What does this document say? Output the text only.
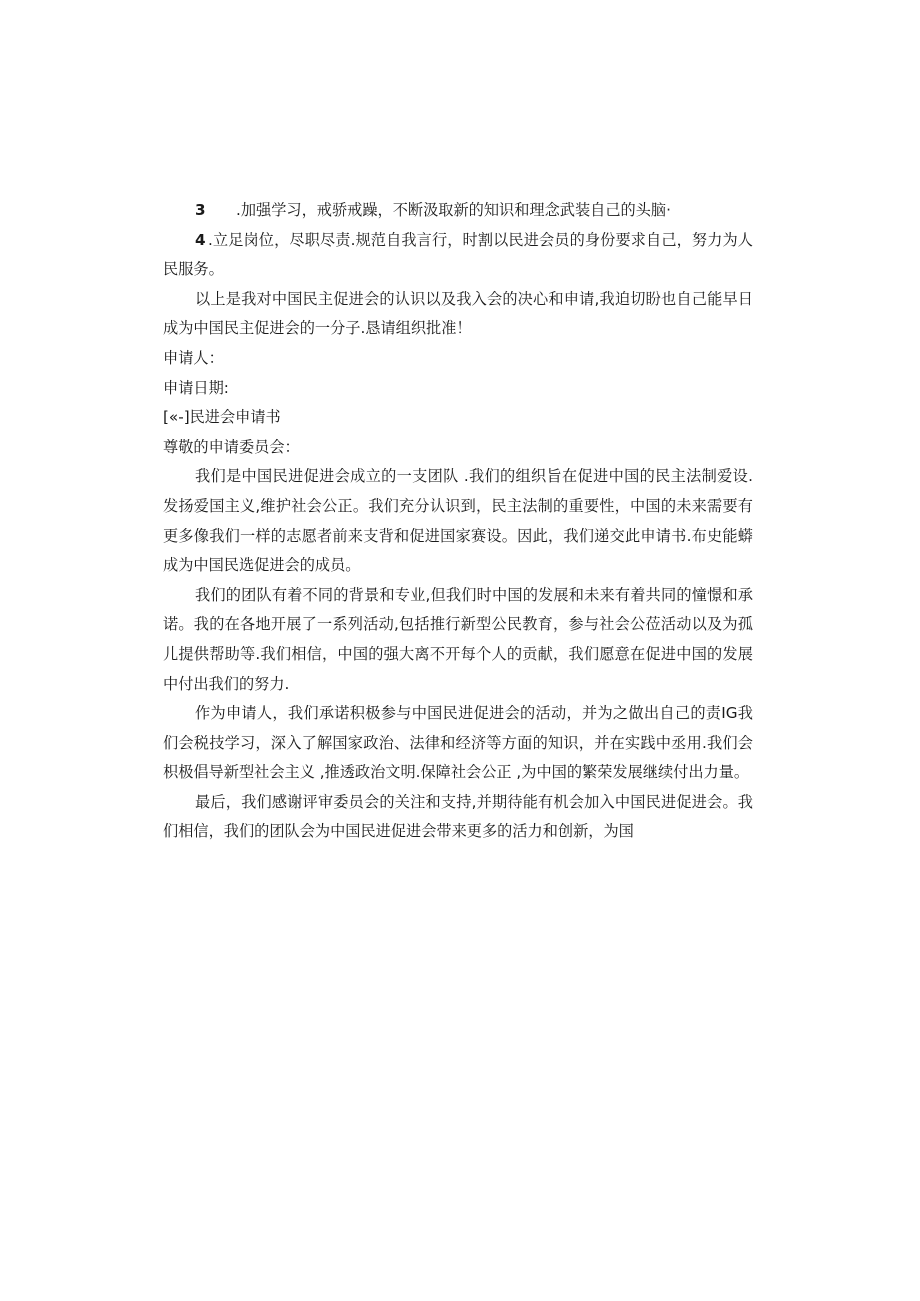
3 .加强学习，戒骄戒躁，不断汲取新的知识和理念武装自己的头脑·

4 .立足岗位，尽职尽责.规范自我言行，时割以民进会员的身份要求自己，努力为人民服务。

以上是我对中国民主促进会的认识以及我入会的决心和申请,我迫切盼也自己能早日成为中国民主促进会的一分子.恳请组织批准！

申请人：

申请日期:

[«-]民进会申请书

尊敬的申请委员会：

我们是中国民进促进会成立的一支团队 .我们的组织旨在促进中国的民主法制爱设.发扬爱国主义,维护社会公正。我们充分认识到，民主法制的重要性，中国的未来需要有更多像我们一样的志愿者前来支背和促进国家赛设。因此，我们递交此申请书.布史能蟒成为中国民选促进会的成员。

我们的团队有着不同的背景和专业,但我们时中国的发展和未来有着共同的憧憬和承诺。我的在各地开展了一系列活动,包括推行新型公民教育，参与社会公莅活动以及为孤儿提供帮助等.我们相信，中国的强大离不开每个人的贡献，我们愿意在促进中国的发展中付出我们的努力.

作为申请人，我们承诺积极参与中国民进促进会的活动，并为之做出自己的责IG我们会税技学习，深入了解国家政治、法律和经济等方面的知识，并在实践中丞用.我们会枳极倡导新型社会主义 ,推透政治文明.保障社会公正 ,为中国的繁荣发展继续付出力量。

最后，我们感谢评审委员会的关注和支持,并期待能有机会加入中国民进促进会。我们相信，我们的团队会为中国民进促进会带来更多的活力和创新，为国
